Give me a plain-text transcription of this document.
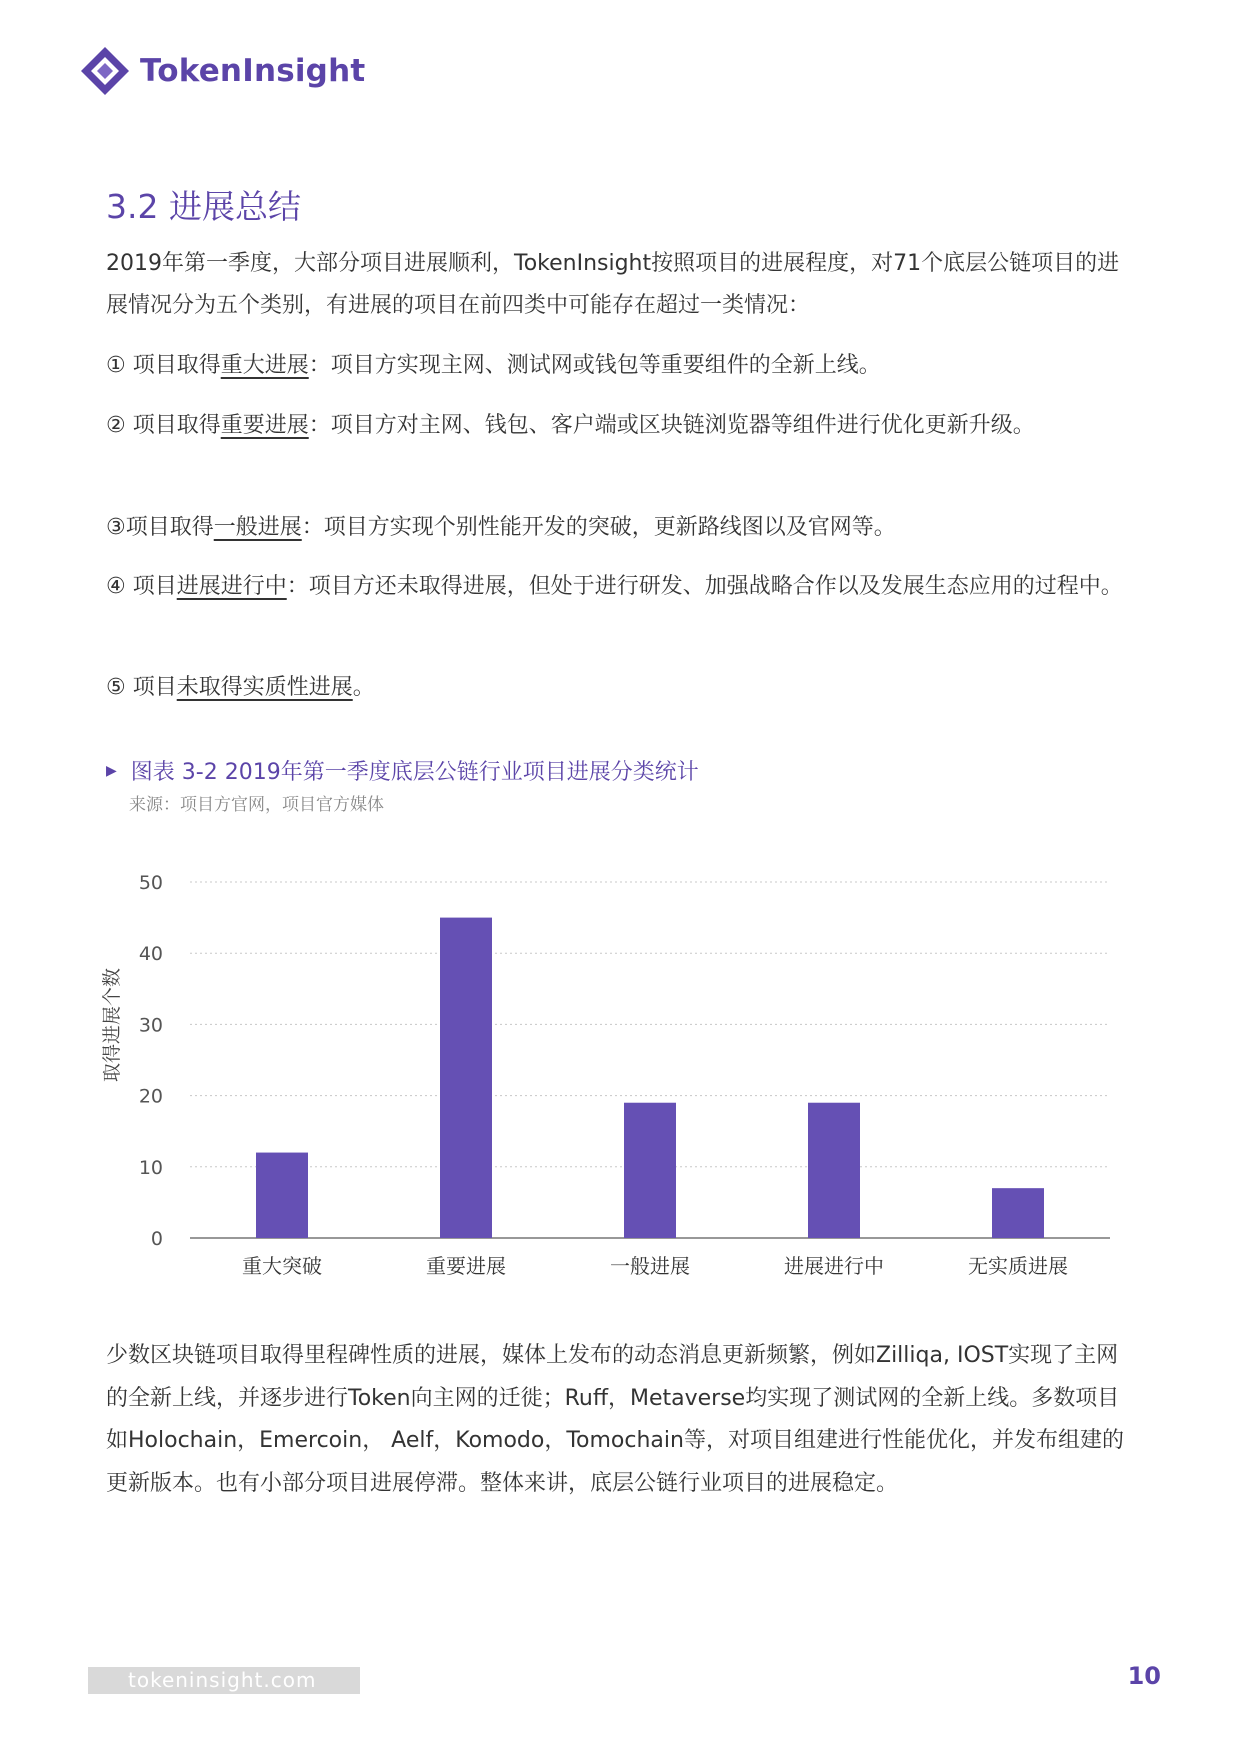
TokenInsight
3.2 进展总结

2019年第一季度，大部分项目进展顺利，TokenInsight按照项目的进展程度，对71个底层公链项目的进展情况分为五个类别，有进展的项目在前四类中可能存在超过一类情况：

① 项目取得重大进展：项目方实现主网、测试网或钱包等重要组件的全新上线。

② 项目取得重要进展：项目方对主网、钱包、客户端或区块链浏览器等组件进行优化更新升级。

③项目取得一般进展：项目方实现个别性能开发的突破，更新路线图以及官网等。

④ 项目进展进行中：项目方还未取得进展，但处于进行研发、加强战略合作以及发展生态应用的过程中。

⑤ 项目未取得实质性进展。

▶ 图表 3-2 2019年第一季度底层公链行业项目进展分类统计
来源：项目方官网，项目官方媒体
0
10
20
30
40
50
取得进展个数
重大突破	重要进展	一般进展	进展进行中	无实质进展

少数区块链项目取得里程碑性质的进展，媒体上发布的动态消息更新频繁，例如Zilliqa, IOST实现了主网的全新上线，并逐步进行Token向主网的迁徙；Ruff，Metaverse均实现了测试网的全新上线。多数项目如Holochain，Emercoin， Aelf，Komodo，Tomochain等，对项目组建进行性能优化，并发布组建的更新版本。也有小部分项目进展停滞。整体来讲，底层公链行业项目的进展稳定。

tokeninsight.com	10
